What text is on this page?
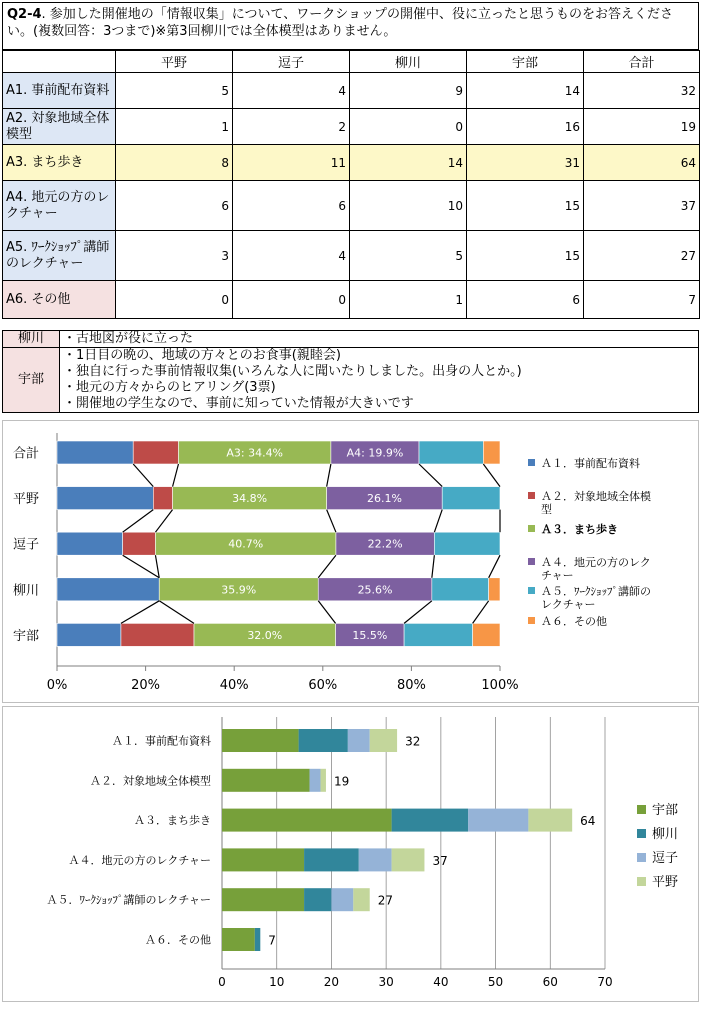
Q2-4. 参加した開催地の「情報収集」について、ワークショップの開催中、役に立ったと思うものをお答えください。(複数回答：3つまで)※第3回柳川では全体模型はありません。
	平野	逗子	柳川	宇部	合計
A1. 事前配布資料	5	4	9	14	32
A2. 対象地域全体模型	1	2	0	16	19
A3. まち歩き	8	11	14	31	64
A4. 地元の方のレクチャー	6	6	10	15	37
A5. ﾜｰｸｼｮｯﾌﾟ講師のレクチャー	3	4	5	15	27
A6. その他	0	0	1	6	7
柳川	・古地図が役に立った

宇部	・1日目の晩の、地域の方々とのお食事(親睦会)
・独自に行った事前情報収集(いろんな人に聞いたりしました。出身の人とか。)
・地元の方々からのヒアリング(3票)
・開催地の学生なので、事前に知っていた情報が大きいです
0%	20%	40%	60%	80%	100%
合計	A3: 34.4%	A4: 19.9%
平野	34.8%	26.1%
逗子	40.7%	22.2%
柳川	35.9%	25.6%
宇部	32.0%	15.5%
Ａ１．事前配布資料
Ａ２．対象地域全体模型
Ａ３．まち歩き
Ａ４．地元の方のレクチャー
Ａ５．ﾜｰｸｼｮｯﾌﾟ講師のレクチャー
Ａ６．その他
0	10	20	30	40	50	60	70
Ａ１．事前配布資料	32
Ａ２．対象地域全体模型	19
Ａ３．まち歩き	64
Ａ４．地元の方のレクチャー	37
Ａ５．ﾜｰｸｼｮｯﾌﾟ講師のレクチャー	27
Ａ６．その他	7
宇部
柳川
逗子
平野
